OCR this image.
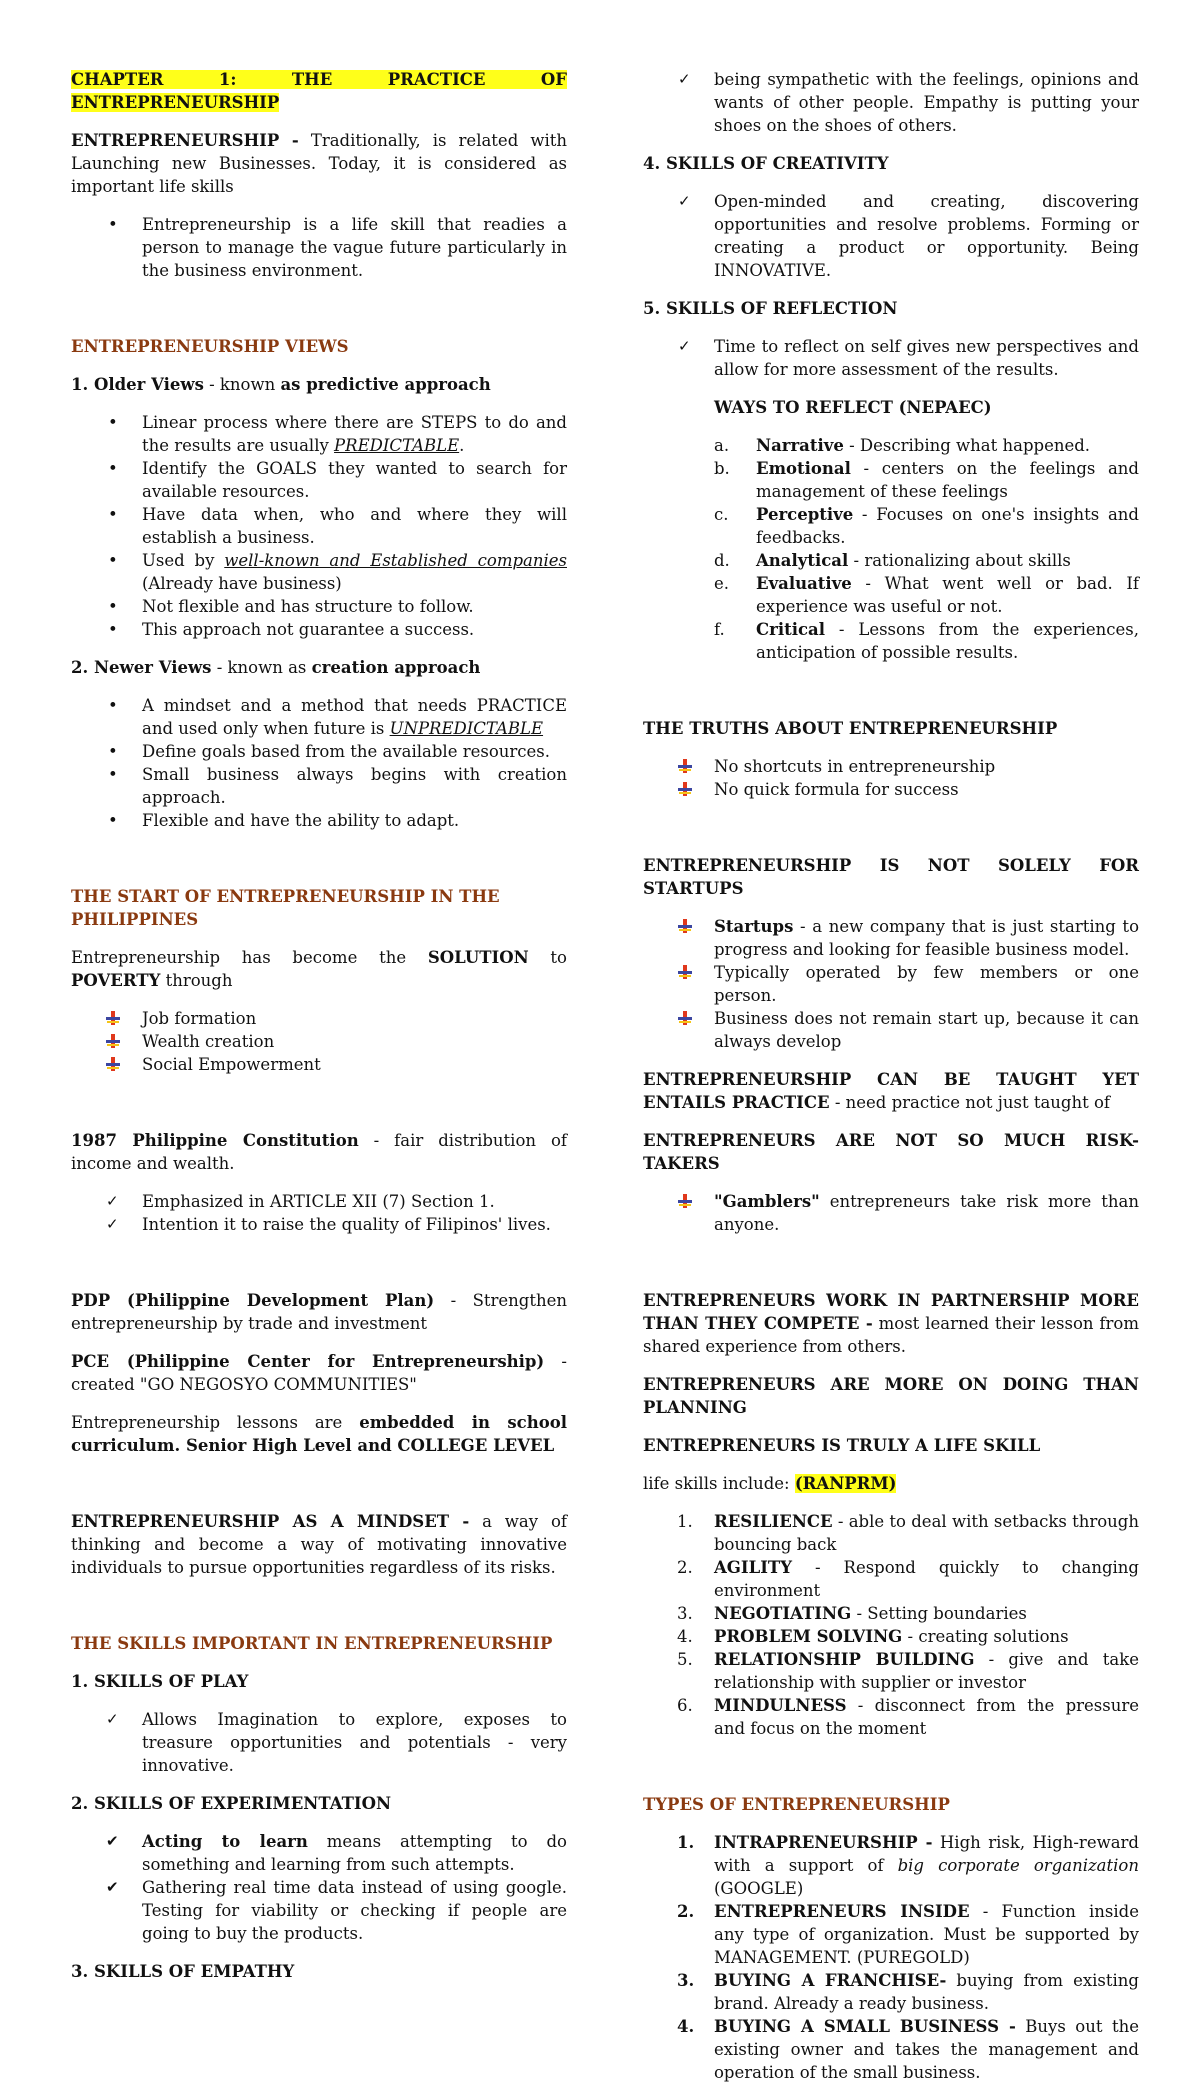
CHAPTER 1: THE PRACTICE OF ENTREPRENEURSHIP

ENTREPRENEURSHIP - Traditionally, is related with Launching new Businesses. Today, it is considered as important life skills

•	Entrepreneurship is a life skill that readies a person to manage the vague future particularly in the business environment.
ENTREPRENEURSHIP VIEWS

1. Older Views - known as predictive approach

•	Linear process where there are STEPS to do and the results are usually PREDICTABLE.
•	Identify the GOALS they wanted to search for available resources.
•	Have data when, who and where they will establish a business.
•	Used by well-known and Established companies (Already have business)
•	Not flexible and has structure to follow.
•	This approach not guarantee a success.

2. Newer Views - known as creation approach

•	A mindset and a method that needs PRACTICE and used only when future is UNPREDICTABLE
•	Define goals based from the available resources.
•	Small business always begins with creation approach.
•	Flexible and have the ability to adapt.
THE START OF ENTREPRENEURSHIP IN THE PHILIPPINES

Entrepreneurship has become the SOLUTION to POVERTY through

Job formation
Wealth creation
Social Empowerment

1987 Philippine Constitution - fair distribution of income and wealth.

✓	Emphasized in ARTICLE XII (7) Section 1.
✓	Intention it to raise the quality of Filipinos' lives.

PDP (Philippine Development Plan) - Strengthen entrepreneurship by trade and investment

PCE (Philippine Center for Entrepreneurship) - created "GO NEGOSYO COMMUNITIES"

Entrepreneurship lessons are embedded in school curriculum. Senior High Level and COLLEGE LEVEL

ENTREPRENEURSHIP AS A MINDSET - a way of thinking and become a way of motivating innovative individuals to pursue opportunities regardless of its risks.

THE SKILLS IMPORTANT IN ENTREPRENEURSHIP

1. SKILLS OF PLAY

✓	Allows Imagination to explore, exposes to treasure opportunities and potentials - very innovative.

2. SKILLS OF EXPERIMENTATION

✔	Acting to learn means attempting to do something and learning from such attempts.
✔	Gathering real time data instead of using google. Testing for viability or checking if people are going to buy the products.

3. SKILLS OF EMPATHY

✓	being sympathetic with the feelings, opinions and wants of other people. Empathy is putting your shoes on the shoes of others.

4. SKILLS OF CREATIVITY

✓	Open-minded and creating, discovering opportunities and resolve problems. Forming or creating a product or opportunity. Being INNOVATIVE.

5. SKILLS OF REFLECTION

✓	Time to reflect on self gives new perspectives and allow for more assessment of the results.

WAYS TO REFLECT (NEPAEC)

a.	Narrative - Describing what happened.
b.	Emotional - centers on the feelings and management of these feelings
c.	Perceptive - Focuses on one's insights and feedbacks.
d.	Analytical - rationalizing about skills
e.	Evaluative - What went well or bad. If experience was useful or not.
f.	Critical - Lessons from the experiences, anticipation of possible results.

THE TRUTHS ABOUT ENTREPRENEURSHIP

No shortcuts in entrepreneurship
No quick formula for success

ENTREPRENEURSHIP IS NOT SOLELY FOR STARTUPS

Startups - a new company that is just starting to progress and looking for feasible business model.
Typically operated by few members or one person.
Business does not remain start up, because it can always develop

ENTREPRENEURSHIP CAN BE TAUGHT YET ENTAILS PRACTICE - need practice not just taught of

ENTREPRENEURS ARE NOT SO MUCH RISK-TAKERS

"Gamblers" entrepreneurs take risk more than anyone.

ENTREPRENEURS WORK IN PARTNERSHIP MORE THAN THEY COMPETE - most learned their lesson from shared experience from others.

ENTREPRENEURS ARE MORE ON DOING THAN PLANNING

ENTREPRENEURS IS TRULY A LIFE SKILL

life skills include: (RANPRM)

1.	RESILIENCE - able to deal with setbacks through bouncing back
2.	AGILITY - Respond quickly to changing environment
3.	NEGOTIATING - Setting boundaries
4.	PROBLEM SOLVING - creating solutions
5.	RELATIONSHIP BUILDING - give and take relationship with supplier or investor
6.	MINDULNESS - disconnect from the pressure and focus on the moment
TYPES OF ENTREPRENEURSHIP
1.	INTRAPRENEURSHIP - High risk, High-reward with a support of big corporate organization (GOOGLE)
2.	ENTREPRENEURS INSIDE - Function inside any type of organization. Must be supported by MANAGEMENT. (PUREGOLD)
3.	BUYING A FRANCHISE- buying from existing brand. Already a ready business.
4.	BUYING A SMALL BUSINESS - Buys out the existing owner and takes the management and operation of the small business.
